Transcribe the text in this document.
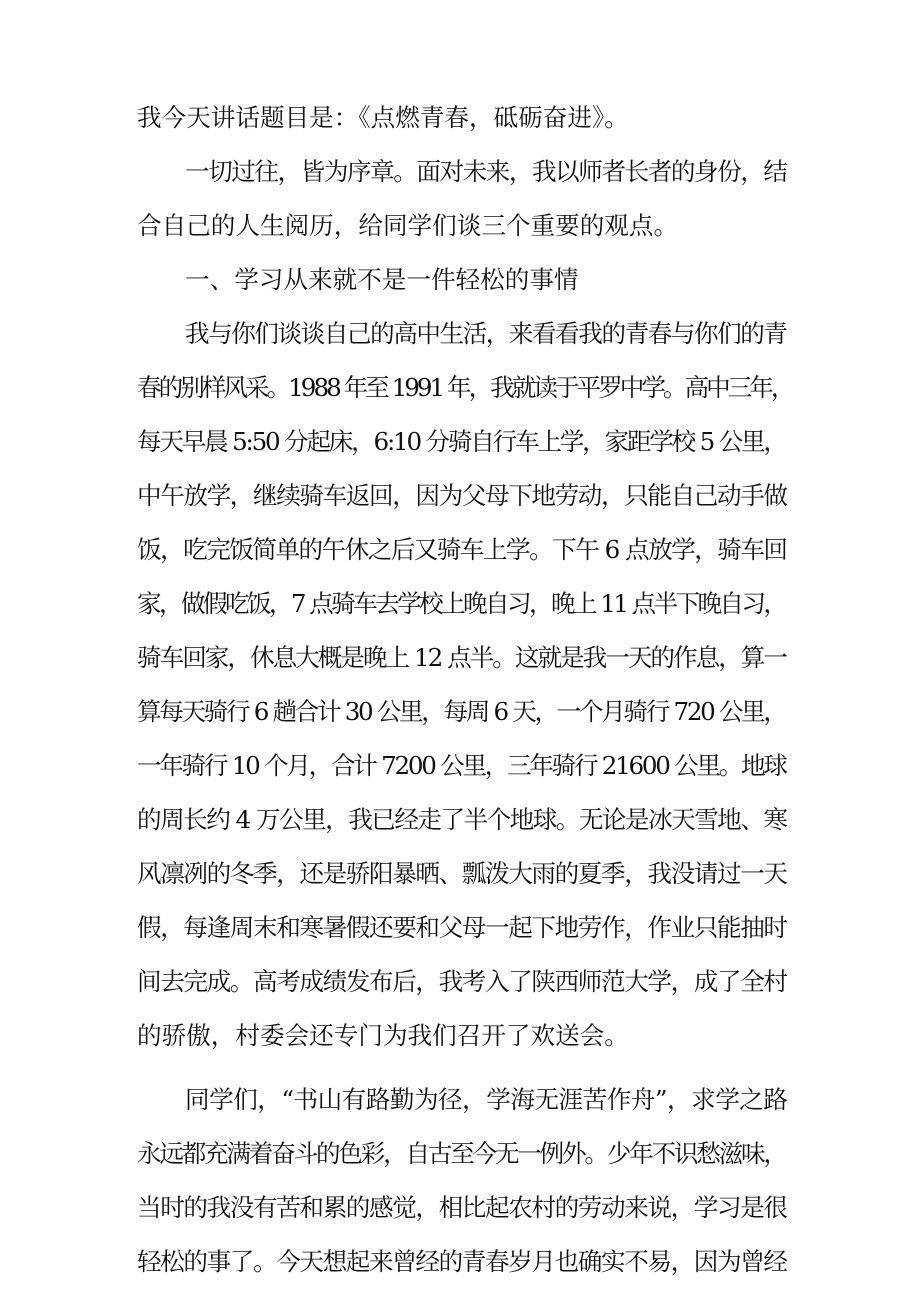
我今天讲话题目是：《点燃青春，砥砺奋进》。
一切过往，皆为序章。面对未来，我以师者长者的身份，结
合自己的人生阅历，给同学们谈三个重要的观点。
一、学习从来就不是一件轻松的事情
我与你们谈谈自己的高中生活，来看看我的青春与你们的青
春的别样风采。1988 年至 1991 年，我就读于平罗中学。高中三年，
每天早晨 5:50 分起床，6:10 分骑自行车上学，家距学校 5 公里，
中午放学，继续骑车返回，因为父母下地劳动，只能自己动手做
饭，吃完饭简单的午休之后又骑车上学。下午 6 点放学，骑车回
家，做假吃饭，7 点骑车去学校上晚自习，晚上 11 点半下晚自习，
骑车回家，休息大概是晚上 12 点半。这就是我一天的作息，算一
算每天骑行 6 趟合计 30 公里，每周 6 天，一个月骑行 720 公里，
一年骑行 10 个月，合计 7200 公里，三年骑行 21600 公里。地球
的周长约 4 万公里，我已经走了半个地球。无论是冰天雪地、寒
风凛冽的冬季，还是骄阳暴晒、瓢泼大雨的夏季，我没请过一天
假，每逢周末和寒暑假还要和父母一起下地劳作，作业只能抽时
间去完成。高考成绩发布后，我考入了陕西师范大学，成了全村
的骄傲，村委会还专门为我们召开了欢送会。
同学们，“书山有路勤为径，学海无涯苦作舟”，求学之路
永远都充满着奋斗的色彩，自古至今无一例外。少年不识愁滋味，
当时的我没有苦和累的感觉，相比起农村的劳动来说，学习是很
轻松的事了。今天想起来曾经的青春岁月也确实不易，因为曾经
